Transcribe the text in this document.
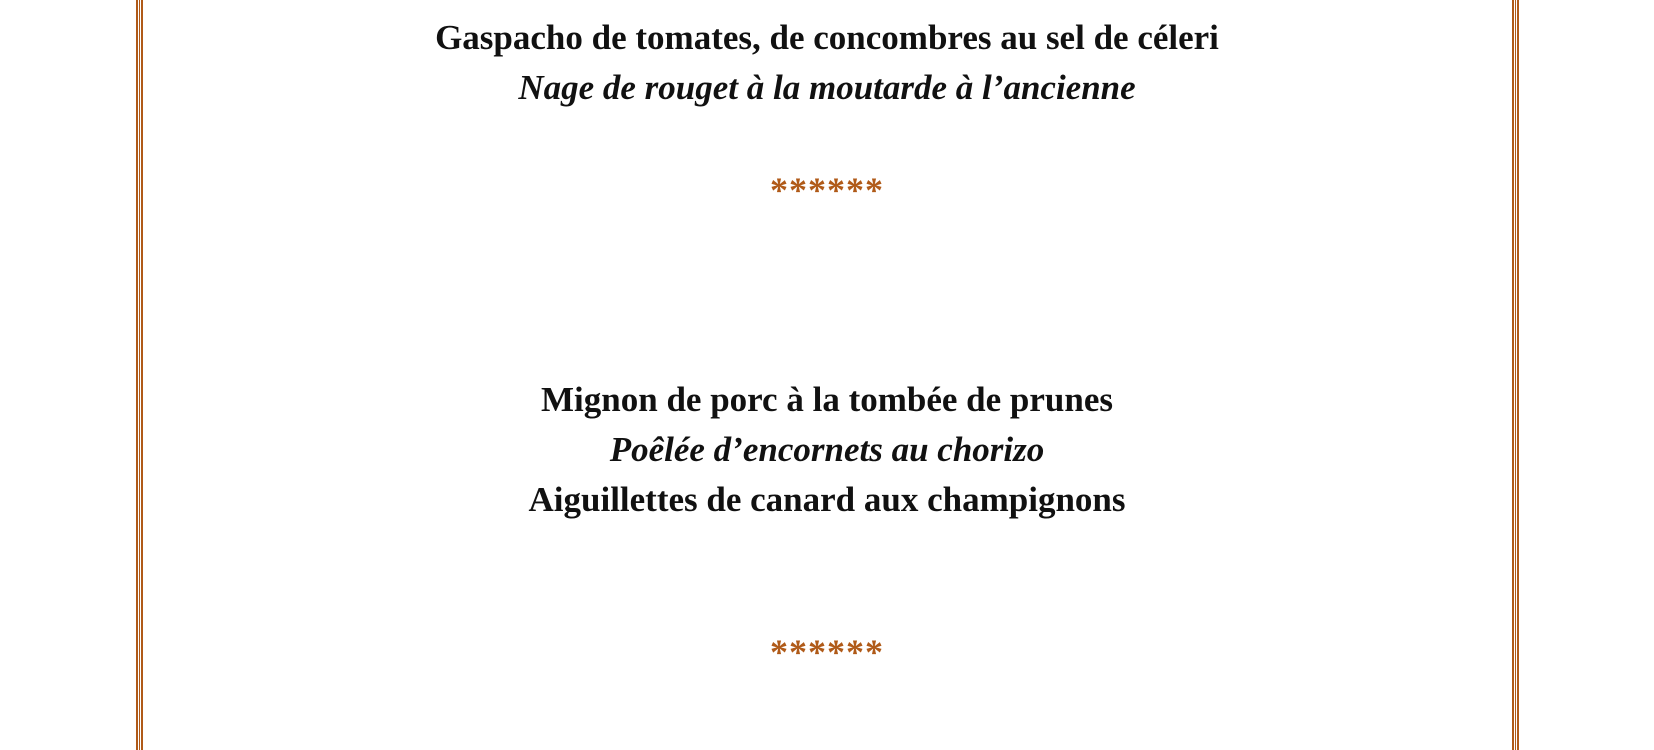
Gaspacho de tomates, de concombres au sel de céleri
Nage de rouget à la moutarde à l’ancienne
******
Mignon de porc à la tombée de prunes
Poêlée d’encornets au chorizo
Aiguillettes de canard aux champignons
******
